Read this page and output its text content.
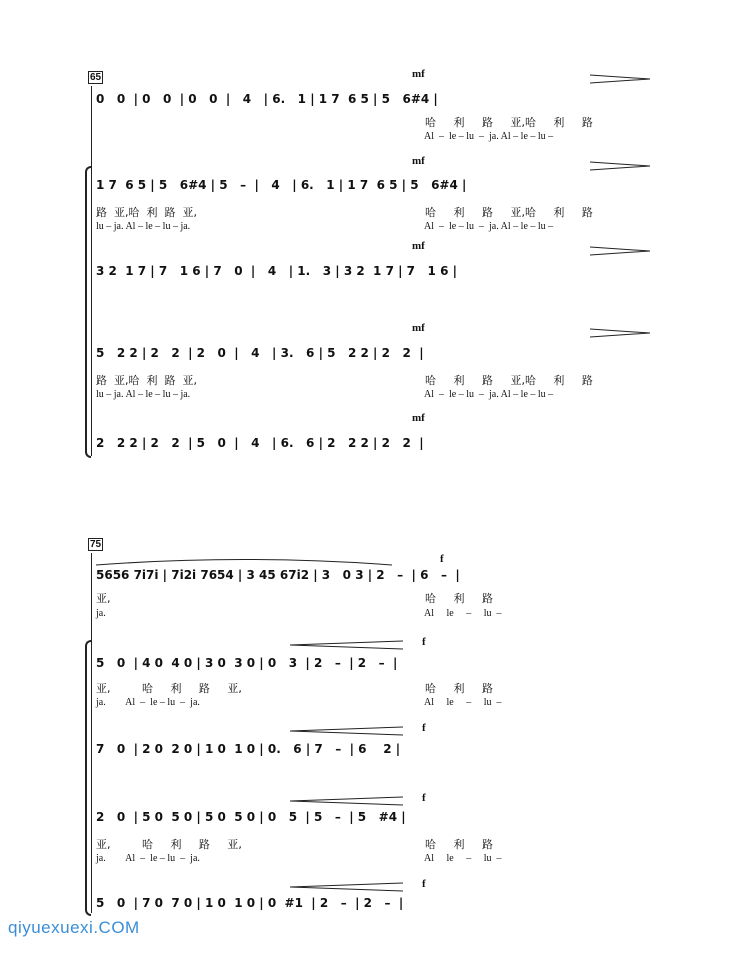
65	mf
0   0  | 0   0  | 0   0  |   4   | 6.   1 | 1 7  6 5 | 5   6#4 |
哈     利     路     亚,哈     利     路
Al  –  le – lu  –  ja. Al – le – lu –
mf
1 7  6 5 | 5   6#4 | 5   –  |   4   | 6.   1 | 1 7  6 5 | 5   6#4 |
路  亚,哈  利  路  亚,	哈     利     路     亚,哈     利     路
lu – ja. Al – le – lu – ja.	Al  –  le – lu  –  ja. Al – le – lu –
mf
3 2  1 7 | 7   1 6 | 7   0  |   4   | 1.   3 | 3 2  1 7 | 7   1 6 |
mf
5   2 2 | 2   2  | 2   0  |   4   | 3.   6 | 5   2 2 | 2   2  |
路  亚,哈  利  路  亚,	哈     利     路     亚,哈     利     路
lu – ja. Al – le – lu – ja.	Al  –  le – lu  –  ja. Al – le – lu –
mf
2   2 2 | 2   2  | 5   0  |   4   | 6.   6 | 2   2 2 | 2   2  |
75
f
5656 7i7i | 7i2i 7654 | 3 45 67i2 | 3   0 3 | 2   –  | 6   –  |
亚,	哈     利     路
ja.	Al     le     –     lu  –
f
5   0  | 4 0  4 0 | 3 0  3 0 | 0   3  | 2   –  | 2   –  |
亚,         哈     利     路     亚,	哈     利     路
ja.        Al  –  le – lu  –  ja.	Al     le     –     lu  –
f
7   0  | 2 0  2 0 | 1 0  1 0 | 0.   6 | 7   –  | 6    2 |
f
2   0  | 5 0  5 0 | 5 0  5 0 | 0   5  | 5   –  | 5   #4 |
亚,         哈     利     路     亚,	哈     利     路
ja.        Al  –  le – lu  –  ja.	Al     le     –     lu  –
f
5   0  | 7 0  7 0 | 1 0  1 0 | 0  #1  | 2   –  | 2   –  |
qiyuexuexi.COM
